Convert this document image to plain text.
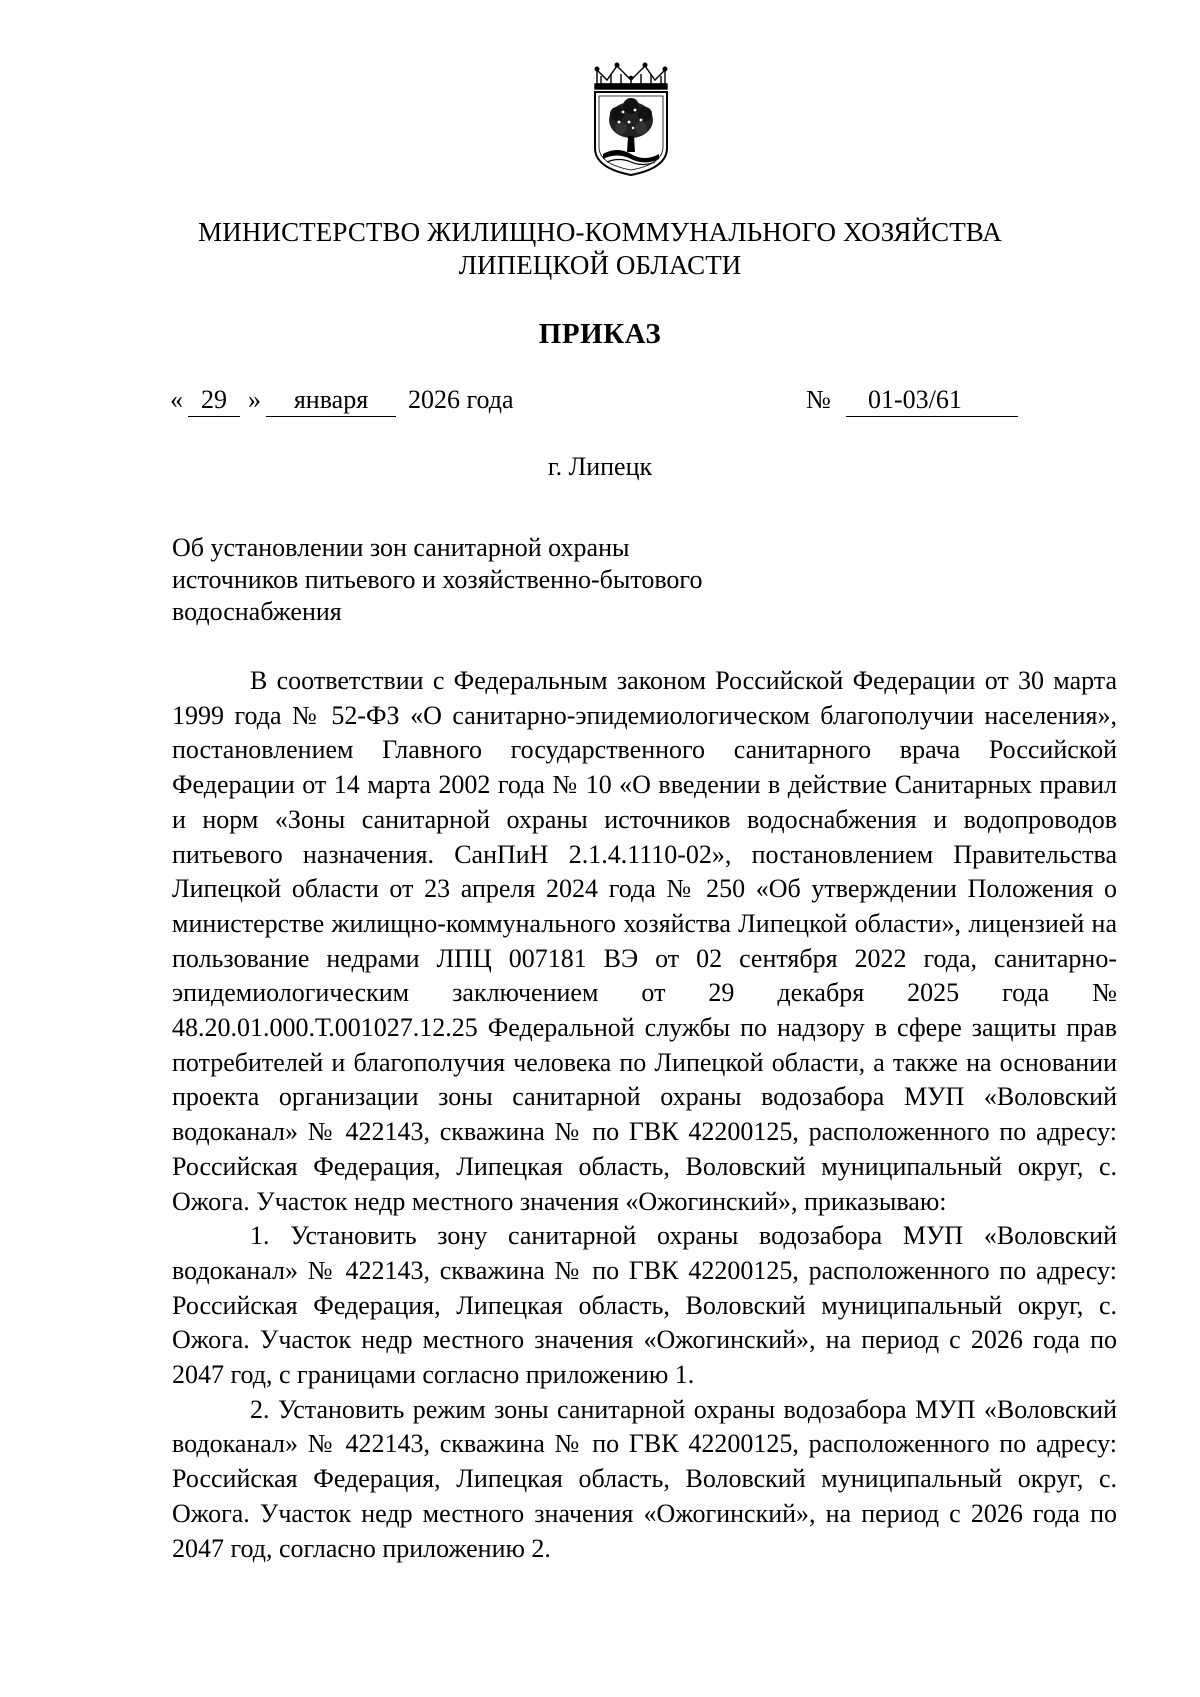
МИНИСТЕРСТВО ЖИЛИЩНО-КОММУНАЛЬНОГО ХОЗЯЙСТВА
ЛИПЕЦКОЙ ОБЛАСТИ
ПРИКАЗ
« 29 »	января	2026 года	№	01-03/61
г. Липецк
Об установлении зон санитарной охраны
источников питьевого и хозяйственно-бытового
водоснабжения

В соответствии с Федеральным законом Российской Федерации от 30 марта 1999 года № 52-ФЗ «О санитарно-эпидемиологическом благополучии населения», постановлением Главного государственного санитарного врача Российской Федерации от 14 марта 2002 года № 10 «О введении в действие Санитарных правил и норм «Зоны санитарной охраны источников водоснабжения и водопроводов питьевого назначения. СанПиН 2.1.4.1110-02», постановлением Правительства Липецкой области от 23 апреля 2024 года № 250 «Об утверждении Положения о министерстве жилищно-коммунального хозяйства Липецкой области», лицензией на пользование недрами ЛПЦ 007181 ВЭ от 02 сентября 2022 года, санитарно-эпидемиологическим заключением от 29 декабря 2025 года № 48.20.01.000.Т.001027.12.25 Федеральной службы по надзору в сфере защиты прав потребителей и благополучия человека по Липецкой области, а также на основании проекта организации зоны санитарной охраны водозабора МУП «Воловский водоканал» № 422143, скважина № по ГВК 42200125, расположенного по адресу: Российская Федерация, Липецкая область, Воловский муниципальный округ, с. Ожога. Участок недр местного значения «Ожогинский», приказываю:

1. Установить зону санитарной охраны водозабора МУП «Воловский водоканал» № 422143, скважина № по ГВК 42200125, расположенного по адресу: Российская Федерация, Липецкая область, Воловский муниципальный округ, с. Ожога. Участок недр местного значения «Ожогинский», на период с 2026 года по 2047 год, с границами согласно приложению 1.

2. Установить режим зоны санитарной охраны водозабора МУП «Воловский водоканал» № 422143, скважина № по ГВК 42200125, расположенного по адресу: Российская Федерация, Липецкая область, Воловский муниципальный округ, с. Ожога. Участок недр местного значения «Ожогинский», на период с 2026 года по 2047 год, согласно приложению 2.
